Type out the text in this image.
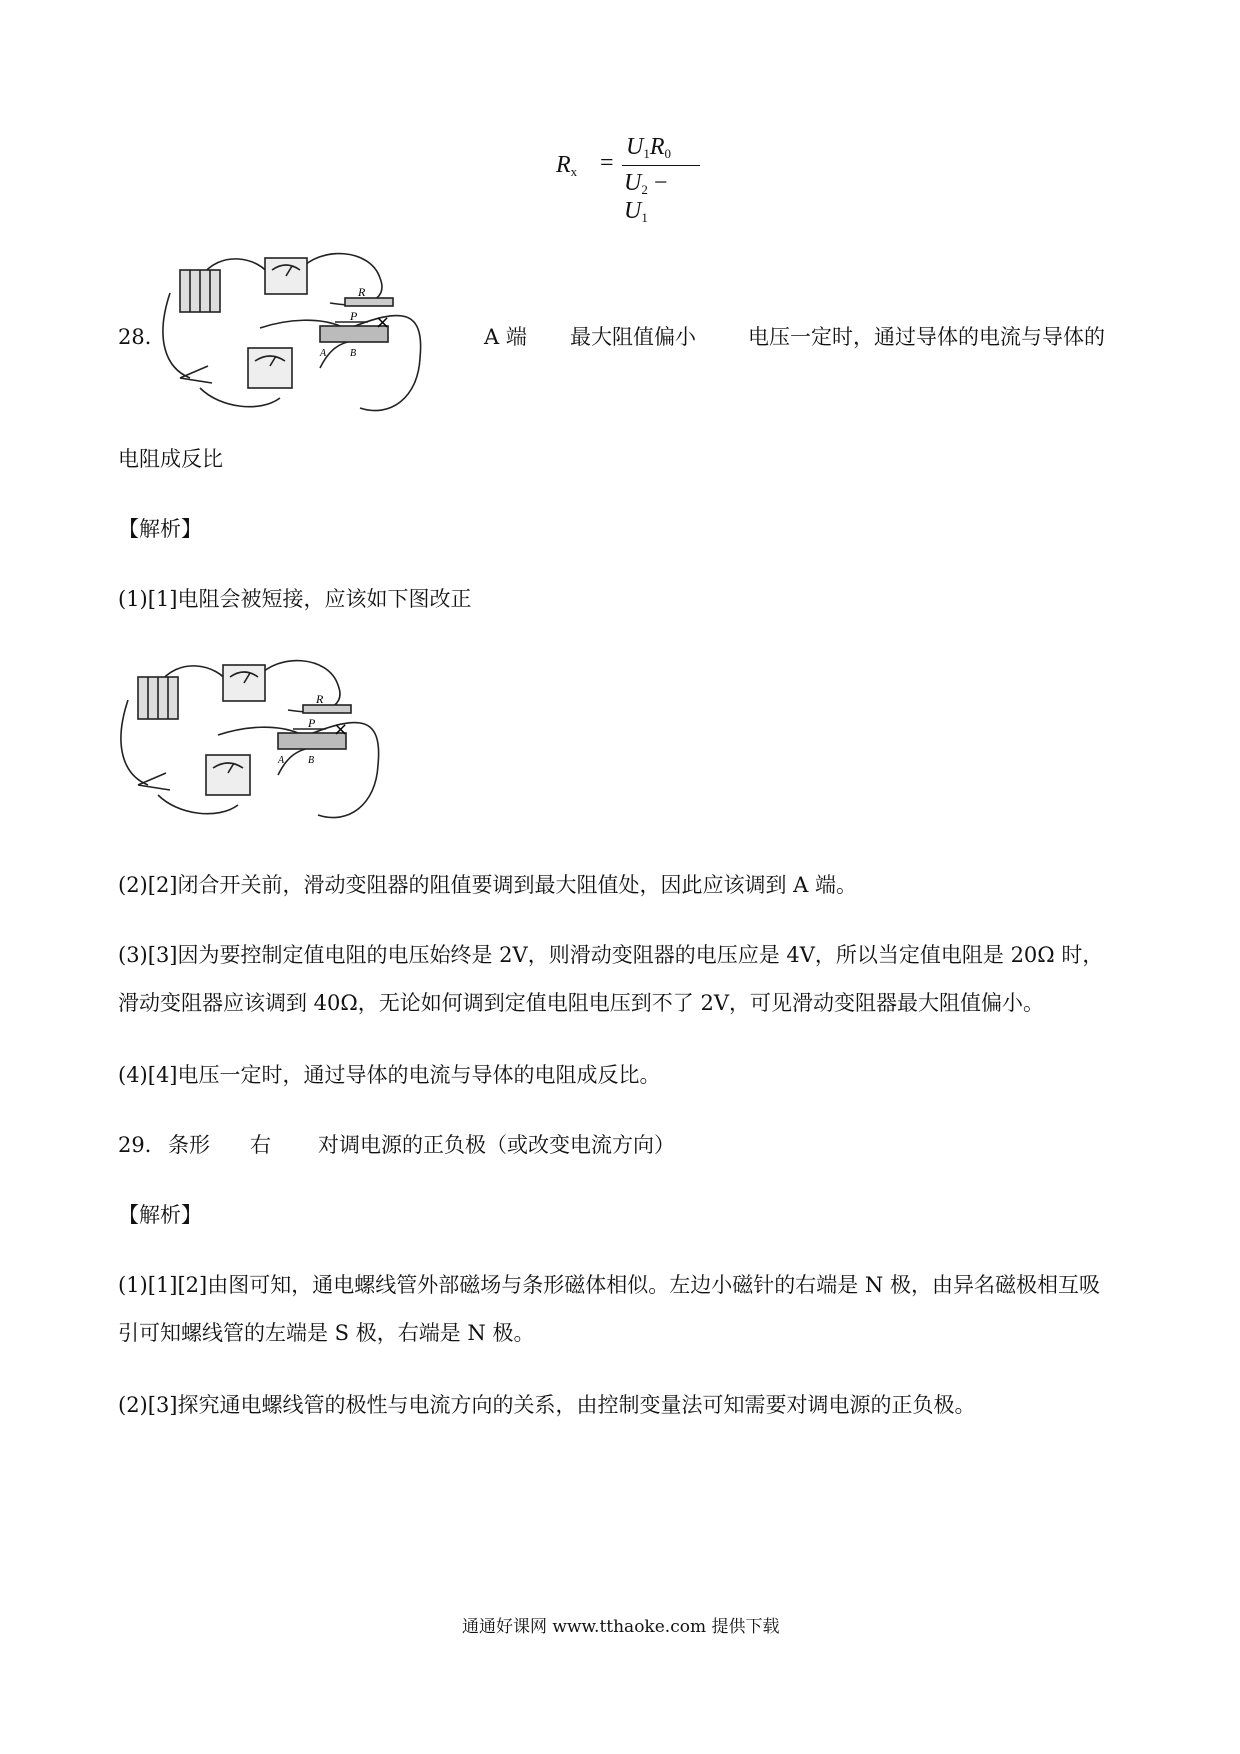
$R_x$ =
$U_1R_0$
$U_2 - U_1$
28．
R
P
A B
×
A 端 最大阻值偏小 电压一定时，通过导体的电流与导体的
电阻成反比
【解析】
(1)[1]电阻会被短接，应该如下图改正
R
P
A B
×
(2)[2]闭合开关前，滑动变阻器的阻值要调到最大阻值处，因此应该调到 A 端。
(3)[3]因为要控制定值电阻的电压始终是 2V，则滑动变阻器的电压应是 4V，所以当定值电阻是 20Ω 时，
滑动变阻器应该调到 40Ω，无论如何调到定值电阻电压到不了 2V，可见滑动变阻器最大阻值偏小。
(4)[4]电压一定时，通过导体的电流与导体的电阻成反比。
29． 条形 右 对调电源的正负极（或改变电流方向）
【解析】
(1)[1][2]由图可知，通电螺线管外部磁场与条形磁体相似。左边小磁针的右端是 N 极，由异名磁极相互吸
引可知螺线管的左端是 S 极，右端是 N 极。
(2)[3]探究通电螺线管的极性与电流方向的关系，由控制变量法可知需要对调电源的正负极。
通通好课网 www.tthaoke.com 提供下载
